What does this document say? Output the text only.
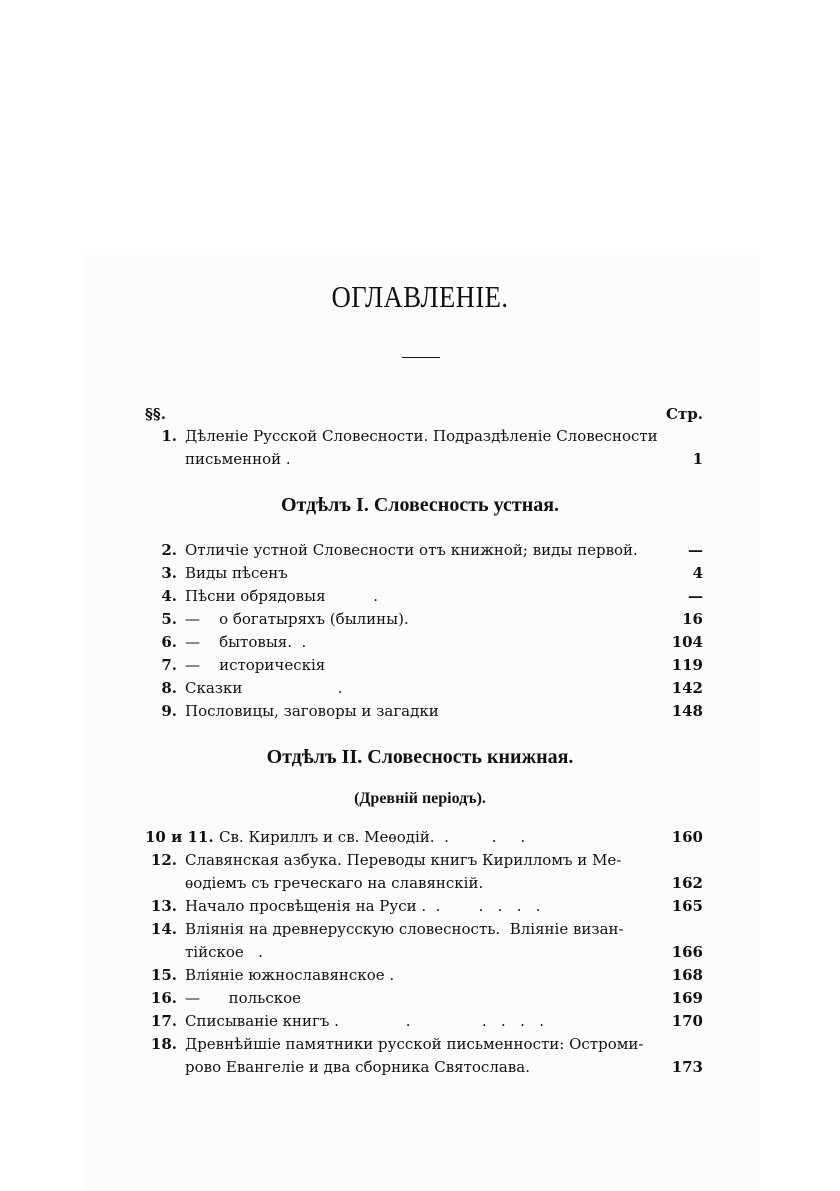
ОГЛАВЛЕНІЕ.
§§.	Стр.
1. Дѣленіе Русской Словесности. Подраздѣленіе Словесности
письменной .	1
Отдѣлъ I. Словесность устная.
2. Отличіе устной Словесности отъ книжной; виды первой.	—
3. Виды пѣсенъ	4
4. Пѣсни обрядовыя          .	—
5. —    о богатыряхъ (былины).	16
6. —    бытовыя.  .	104
7. —    историческія	119
8. Сказки                    .	142
9. Пословицы, заговоры и загадки	148
Отдѣлъ II. Словесность книжная.
(Древній періодъ).
10 и 11. Св. Кириллъ и св. Меѳодій.  .         .     .	160
12. Славянская азбука. Переводы книгъ Кирилломъ и Ме-
ѳодіемъ съ греческаго на славянскій.	162
13. Начало просвѣщенія на Руси .  .        .   .   .   .	165
14. Вліянія на древнерусскую словесность.  Вліяніе визан-
тійское   .	166
15. Вліяніе южнославянское .	168
16. —      польское	169
17. Списываніе книгъ .              .               .   .   .   .	170
18. Древнѣйшіе памятники русской письменности: Остроми-
рово Евангеліе и два сборника Святослава.	173
